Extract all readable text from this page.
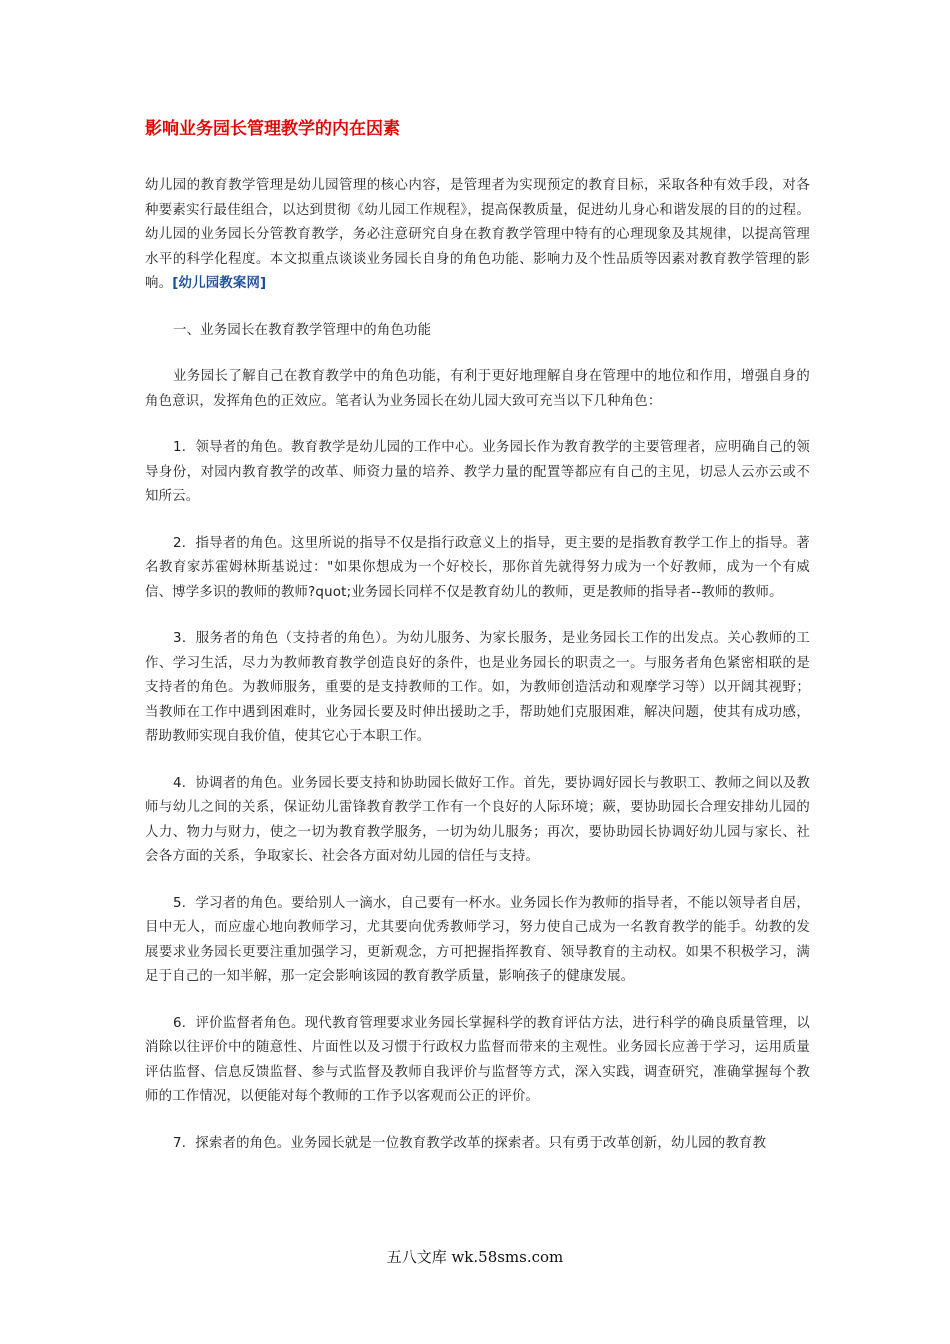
影响业务园长管理教学的内在因素
幼儿园的教育教学管理是幼儿园管理的核心内容，是管理者为实现预定的教育目标，采取各种有效手段，对各种要素实行最佳组合，以达到贯彻《幼儿园工作规程》，提高保教质量，促进幼儿身心和谐发展的目的的过程。幼儿园的业务园长分管教育教学，务必注意研究自身在教育教学管理中特有的心理现象及其规律，以提高管理水平的科学化程度。本文拟重点谈谈业务园长自身的角色功能、影响力及个性品质等因素对教育教学管理的影响。[幼儿园教案网]
一、业务园长在教育教学管理中的角色功能
业务园长了解自己在教育教学中的角色功能，有利于更好地理解自身在管理中的地位和作用，增强自身的角色意识，发挥角色的正效应。笔者认为业务园长在幼儿园大致可充当以下几种角色：
1．领导者的角色。教育教学是幼儿园的工作中心。业务园长作为教育教学的主要管理者，应明确自己的领导身份，对园内教育教学的改革、师资力量的培养、教学力量的配置等都应有自己的主见，切忌人云亦云或不知所云。
2．指导者的角色。这里所说的指导不仅是指行政意义上的指导，更主要的是指教育教学工作上的指导。著名教育家苏霍姆林斯基说过："如果你想成为一个好校长，那你首先就得努力成为一个好教师，成为一个有威信、博学多识的教师的教师?quot;业务园长同样不仅是教育幼儿的教师，更是教师的指导者--教师的教师。
3．服务者的角色（支持者的角色）。为幼儿服务、为家长服务，是业务园长工作的出发点。关心教师的工作、学习生活，尽力为教师教育教学创造良好的条件，也是业务园长的职责之一。与服务者角色紧密相联的是支持者的角色。为教师服务，重要的是支持教师的工作。如，为教师创造活动和观摩学习等）以开阔其视野；当教师在工作中遇到困难时，业务园长要及时伸出援助之手，帮助她们克服困难，解决问题，使其有成功感，帮助教师实现自我价值，使其它心于本职工作。
4．协调者的角色。业务园长要支持和协助园长做好工作。首先，要协调好园长与教职工、教师之间以及教师与幼儿之间的关系，保证幼儿雷锋教育教学工作有一个良好的人际环境；蕨，要协助园长合理安排幼儿园的人力、物力与财力，使之一切为教育教学服务，一切为幼儿服务；再次，要协助园长协调好幼儿园与家长、社会各方面的关系，争取家长、社会各方面对幼儿园的信任与支持。
5．学习者的角色。要给别人一滴水，自己要有一杯水。业务园长作为教师的指导者，不能以领导者自居，目中无人，而应虚心地向教师学习，尤其要向优秀教师学习，努力使自己成为一名教育教学的能手。幼教的发展要求业务园长更要注重加强学习，更新观念，方可把握指挥教育、领导教育的主动权。如果不积极学习，满足于自己的一知半解，那一定会影响该园的教育教学质量，影响孩子的健康发展。
6．评价监督者角色。现代教育管理要求业务园长掌握科学的教育评估方法，进行科学的确良质量管理，以消除以往评价中的随意性、片面性以及习惯于行政权力监督而带来的主观性。业务园长应善于学习，运用质量评估监督、信息反馈监督、参与式监督及教师自我评价与监督等方式，深入实践，调查研究，准确掌握每个教师的工作情况，以便能对每个教师的工作予以客观而公正的评价。
7．探索者的角色。业务园长就是一位教育教学改革的探索者。只有勇于改革创新，幼儿园的教育教
五八文库 wk.58sms.com
